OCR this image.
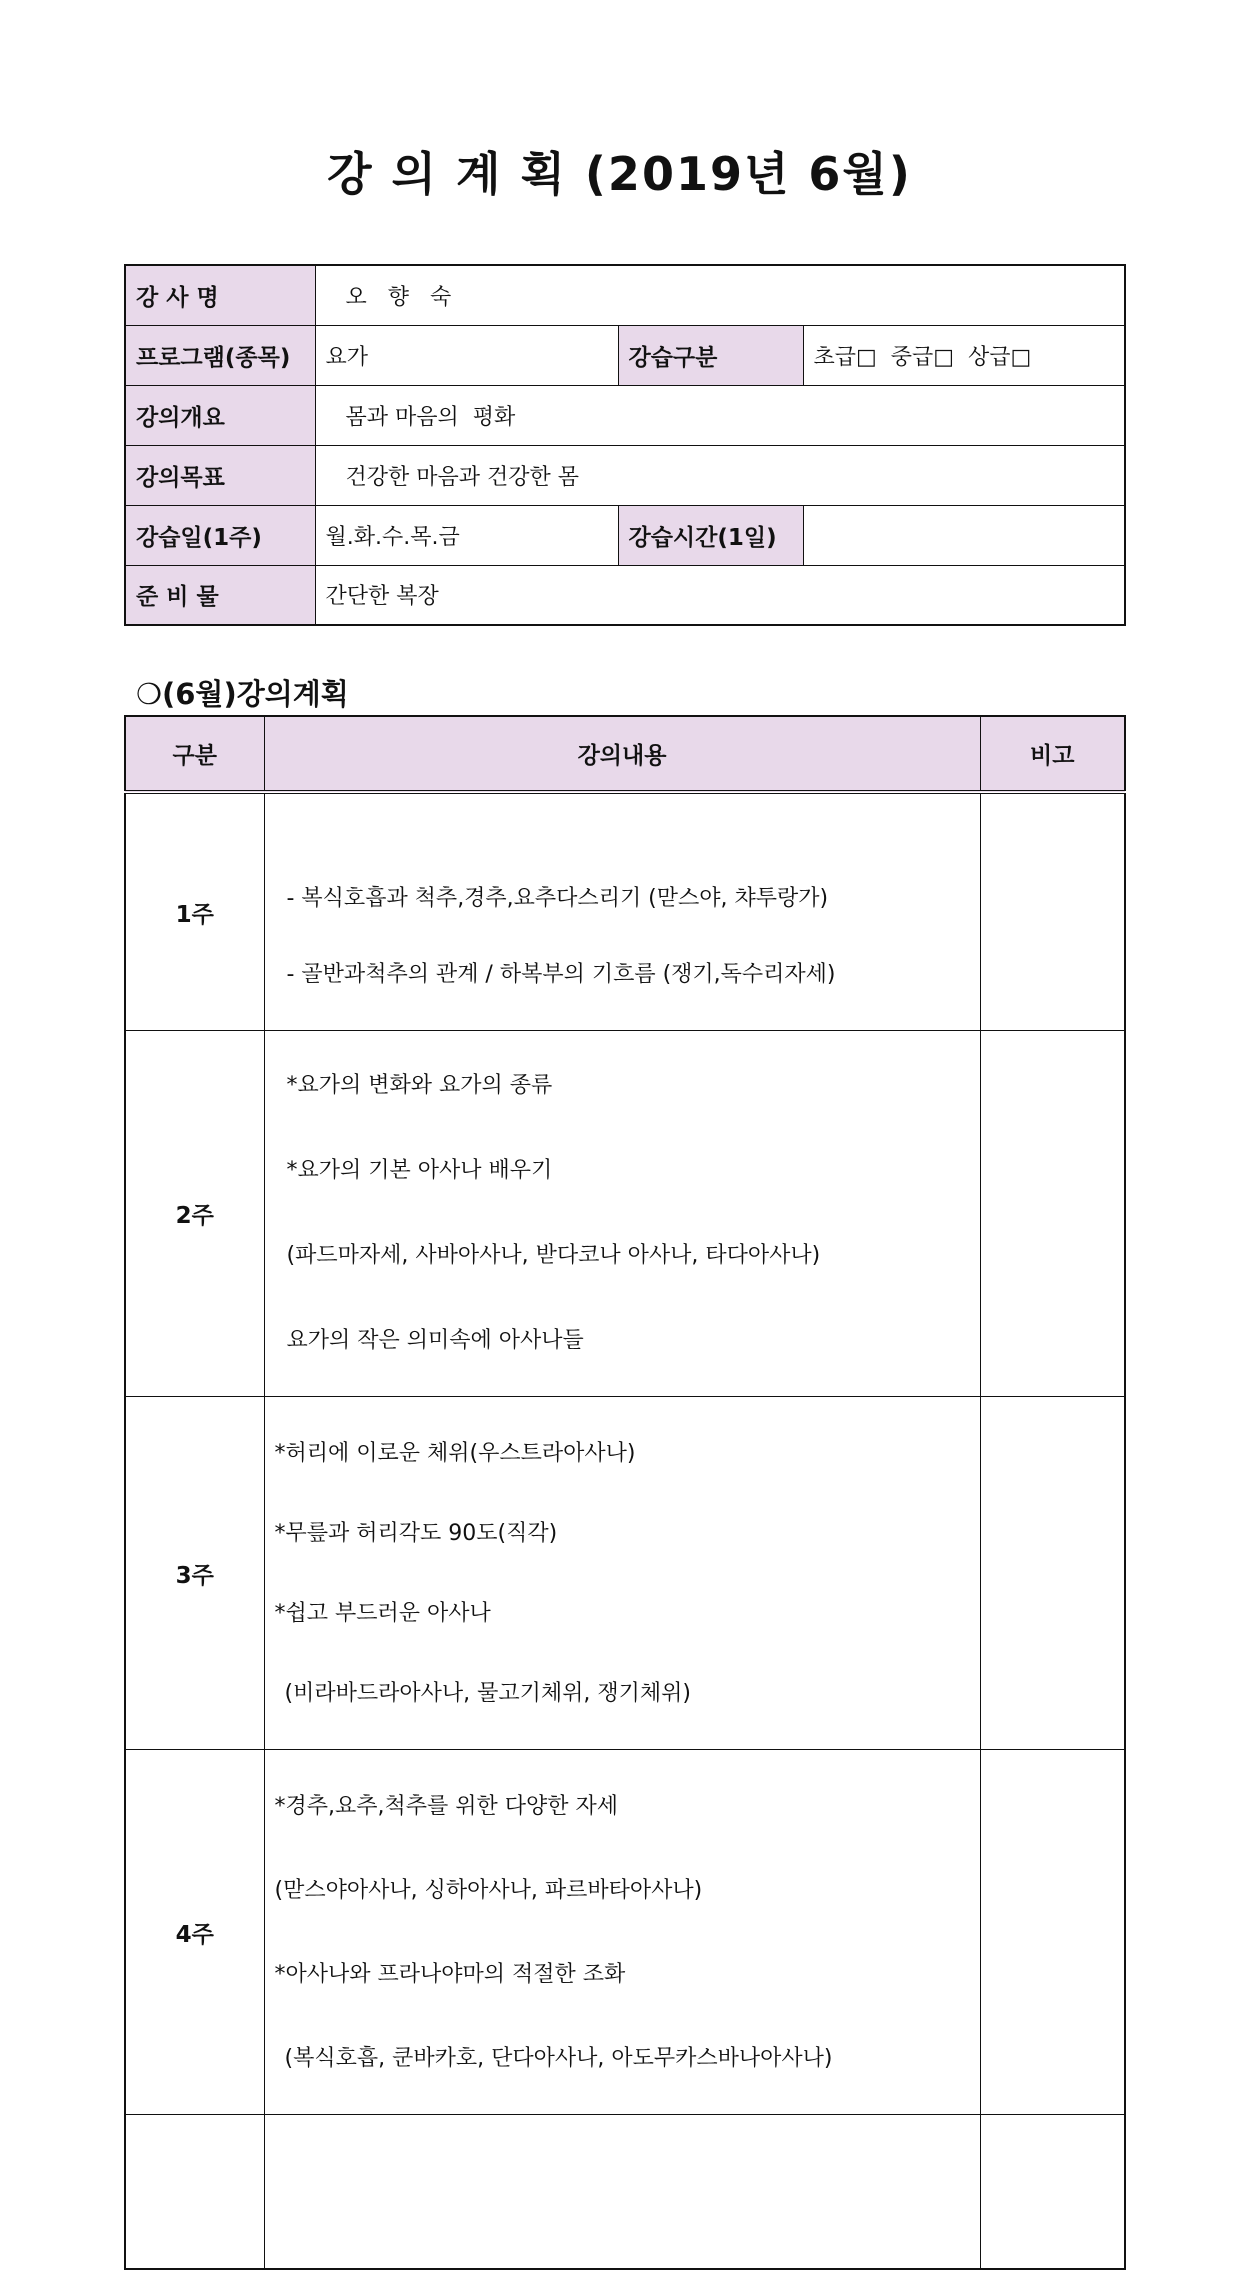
강 의 계 획 (2019년 6월)
강 사 명	오   향   숙		
프로그램(종목)	요가	강습구분	초급□  중급□  상급□
강의개요	몸과 마음의  평화		
강의목표	건강한 마음과 건강한 몸		
강습일(1주)	월.화.수.목.금	강습시간(1일)	
준 비 물	간단한 복장		
❍(6월)강의계획
구분	강의내용	비고
1주	- 복식호흡과 척추,경추,요추다스리기 (맏스야, 챠투랑가)

- 골반과척추의 관계 / 하복부의 기흐름 (쟁기,독수리자세)	

2주	*요가의 변화와 요가의 종류

*요가의 기본 아사나 배우기

(파드마자세, 사바아사나, 받다코나 아사나, 타다아사나)

요가의 작은 의미속에 아사나들	

3주	*허리에 이로운 체위(우스트라아사나)

*무릎과 허리각도 90도(직각)

*쉽고 부드러운 아사나

(비라바드라아사나, 물고기체위, 쟁기체위)	

4주	*경추,요추,척추를 위한 다양한 자세

(맏스야아사나, 싱하아사나, 파르바타아사나)

*아사나와 프라나야마의 적절한 조화

(복식호흡, 쿤바카호, 단다아사나, 아도무카스바나아사나)	
